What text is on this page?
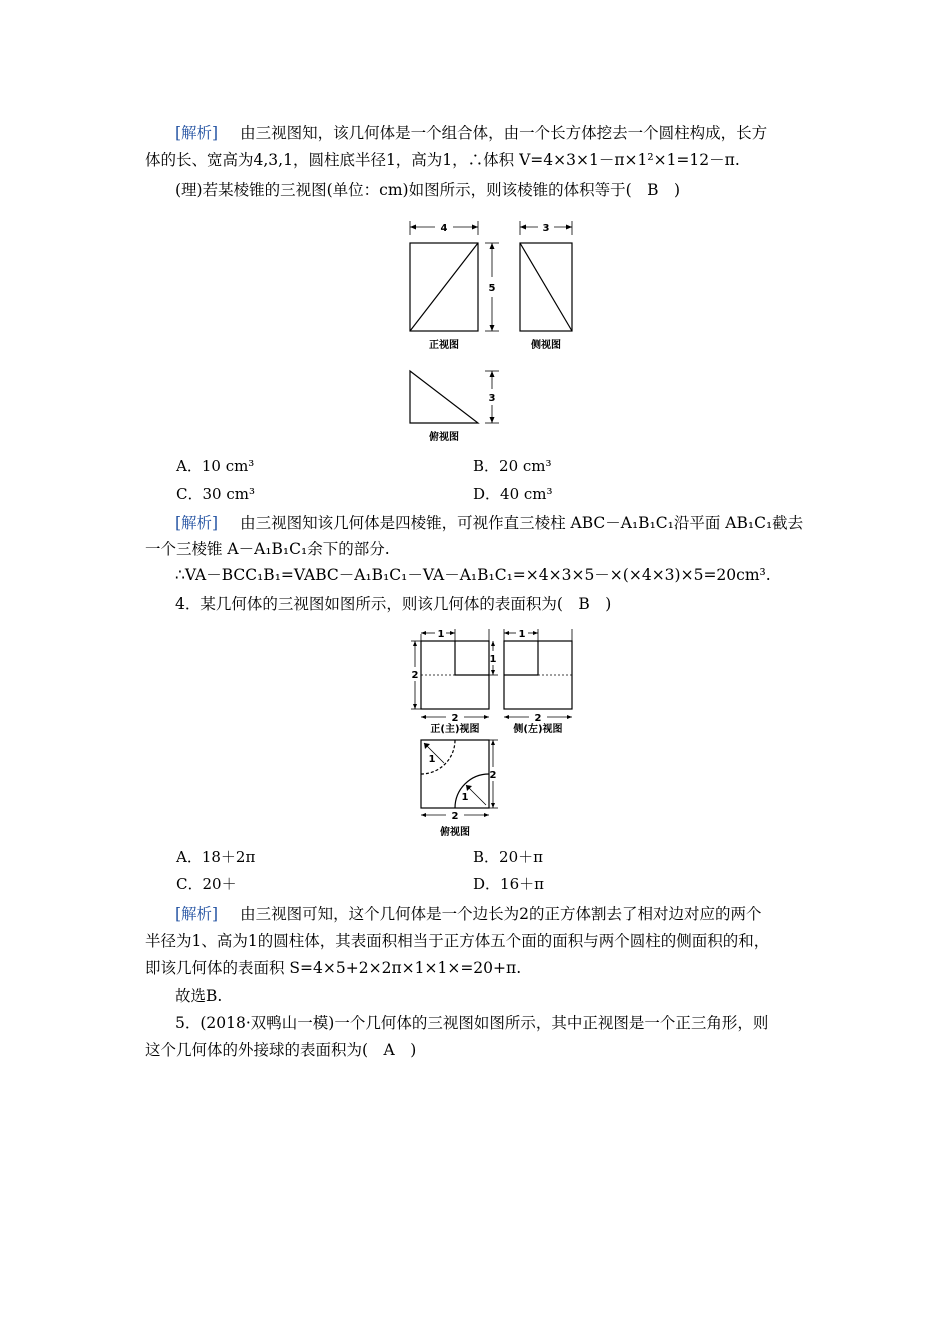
[解析] 由三视图知，该几何体是一个组合体，由一个长方体挖去一个圆柱构成，长方
体的长、宽高为4,3,1，圆柱底半径1，高为1，∴体积 V=4×3×1－π×1²×1=12－π.
(理)若某棱锥的三视图(单位：cm)如图所示，则该棱锥的体积等于(　B　)
4	3
5
3
正视图	侧视图
俯视图
A．10 cm³	B．20 cm³
C．30 cm³	D．40 cm³
[解析] 由三视图知该几何体是四棱锥，可视作直三棱柱 ABC－A₁B₁C₁沿平面 AB₁C₁截去
一个三棱锥 A－A₁B₁C₁余下的部分.
∴VA－BCC₁B₁=VABC－A₁B₁C₁－VA－A₁B₁C₁=×4×3×5－×(×4×3)×5=20cm³.
4．某几何体的三视图如图所示，则该几何体的表面积为(　B　)
1	1
2
1
2	2
正(主)视图	侧(左)视图
1
1
2
2
俯视图
A．18＋2π	B．20＋π
C．20＋	D．16＋π
[解析] 由三视图可知，这个几何体是一个边长为2的正方体割去了相对边对应的两个
半径为1、高为1的圆柱体，其表面积相当于正方体五个面的面积与两个圆柱的侧面积的和，
即该几何体的表面积 S=4×5+2×2π×1×1×=20+π.
故选B.
5．(2018·双鸭山一模)一个几何体的三视图如图所示，其中正视图是一个正三角形，则
这个几何体的外接球的表面积为(　A　)
